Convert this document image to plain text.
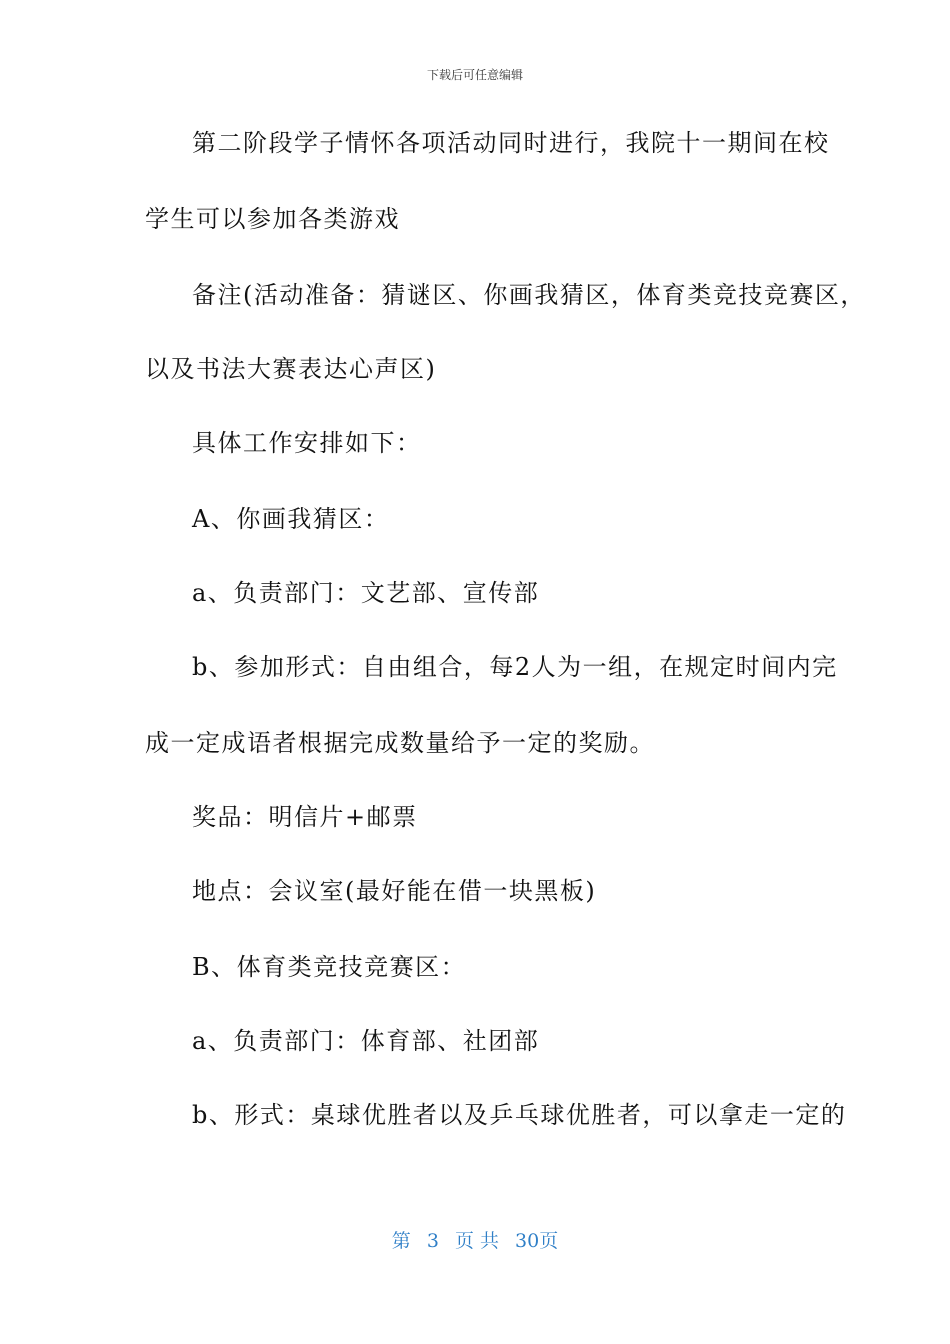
下载后可任意编辑
第二阶段学子情怀各项活动同时进行，我院十一期间在校
学生可以参加各类游戏
备注(活动准备：猜谜区、你画我猜区，体育类竞技竞赛区，
以及书法大赛表达心声区)
具体工作安排如下：
A、你画我猜区：
a、负责部门：文艺部、宣传部
b、参加形式：自由组合，每2人为一组，在规定时间内完
成一定成语者根据完成数量给予一定的奖励。
奖品：明信片+邮票
地点：会议室(最好能在借一块黑板)
B、体育类竞技竞赛区：
a、负责部门：体育部、社团部
b、形式：桌球优胜者以及乒乓球优胜者，可以拿走一定的
第 3 页 共 30页
